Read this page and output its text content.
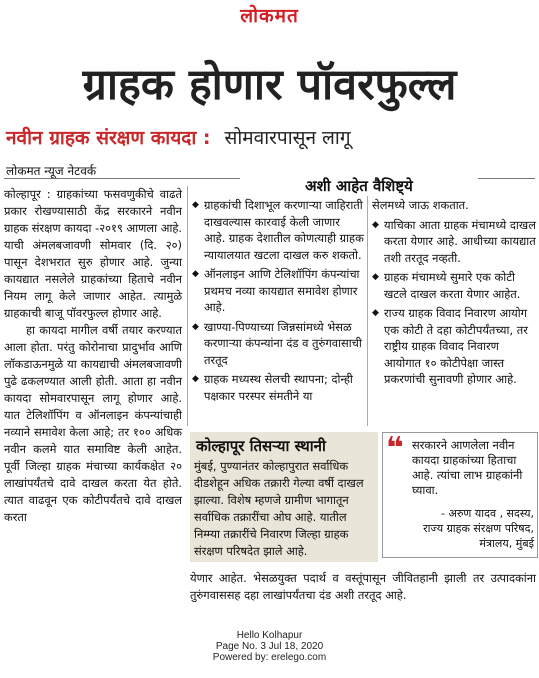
लोकमत
ग्राहक होणार पॉवरफुल्ल
नवीन ग्राहक संरक्षण कायदा : सोमवारपासून लागू
लोकमत न्यूज नेटवर्क

कोल्हापूर : ग्राहकांच्या फसवणुकीचे वाढते प्रकार रोखण्यासाठी केंद्र सरकारने नवीन ग्राहक संरक्षण कायदा -२०१९ आणला आहे. याची अंमलबजावणी सोमवार (दि. २०) पासून देशभरात सुरु होणार आहे. जुन्या कायद्यात नसलेले ग्राहकांच्या हिताचे नवीन नियम लागू केले जाणार आहेत. त्यामुळे ग्राहकाची बाजू पॉवरफुल्ल होणार आहे.

हा कायदा मागील वर्षी तयार करण्यात आला होता. परंतु कोरोनाचा प्रादुर्भाव आणि लॉकडाऊनमुळे या कायद्याची अंमलबजावणी पुढे ढकलण्यात आली होती. आता हा नवीन कायदा सोमवारपासून लागू होणार आहे. यात टेलिशॉपिंग व ऑनलाइन कंपन्यांचाही नव्याने समावेश केला आहे; तर १०० अधिक नवीन कलमे यात समाविष्ट केली आहेत. पूर्वी जिल्हा ग्राहक मंचाच्या कार्यकक्षेत २० लाखांपर्यंतचे दावे दाखल करता येत होते. त्यात वाढवून एक कोटीपर्यंतचे दावे दाखल करता

अशी आहेत वैशिष्ट्ये
◆ ग्राहकांची दिशाभूल करणाऱ्या जाहिराती दाखवल्यास कारवाई केली जाणार आहे. ग्राहक देशातील कोणत्याही ग्राहक न्यायालयात खटला दाखल करु शकतो.
◆ ऑनलाइन आणि टेलिशॉपिंग कंपन्यांचा प्रथमच नव्या कायद्यात समावेश होणार आहे.
◆ खाण्या-पिण्याच्या जिन्नसांमध्ये भेसळ करणाऱ्या कंपन्यांना दंड व तुरुंगवासाची तरतूद
◆ ग्राहक मध्यस्थ सेलची स्थापना; दोन्ही पक्षकार परस्पर संमतीने या
सेलमध्ये जाऊ शकतात.
◆ याचिका आता ग्राहक मंचामध्ये दाखल करता येणार आहे. आधीच्या कायद्यात तशी तरतूद नव्हती.
◆ ग्राहक मंचामध्ये सुमारे एक कोटी खटले दाखल करता येणार आहेत.
◆ राज्य ग्राहक विवाद निवारण आयोग एक कोटी ते दहा कोटीपर्यंतच्या, तर राष्ट्रीय ग्राहक विवाद निवारण आयोगात १० कोटीपेक्षा जास्त प्रकरणांची सुनावणी होणार आहे.
कोल्हापूर तिसऱ्या स्थानी
मुंबई, पुण्यानंतर कोल्हापुरात सर्वाधिक दीडशेहून अधिक तक्रारी गेल्या वर्षी दाखल झाल्या. विशेष म्हणजे ग्रामीण भागातून सर्वाधिक तक्रारींचा ओघ आहे. यातील निम्म्या तक्रारींचे निवारण जिल्हा ग्राहक संरक्षण परिषदेत झाले आहे.
❝ सरकारने आणलेला नवीन कायदा ग्राहकांच्या हिताचा आहे. त्यांचा लाभ ग्राहकांनी घ्यावा.
- अरुण यादव , सदस्य,
राज्य ग्राहक संरक्षण परिषद,
मंत्रालय, मुंबई
येणार आहेत. भेसळयुक्त पदार्थ व वस्तूंपासून जीवितहानी झाली तर उत्पादकांना तुरुंगवाससह दहा लाखांपर्यंतचा दंड अशी तरतूद आहे.
Hello Kolhapur
Page No. 3 Jul 18, 2020
Powered by: erelego.com
